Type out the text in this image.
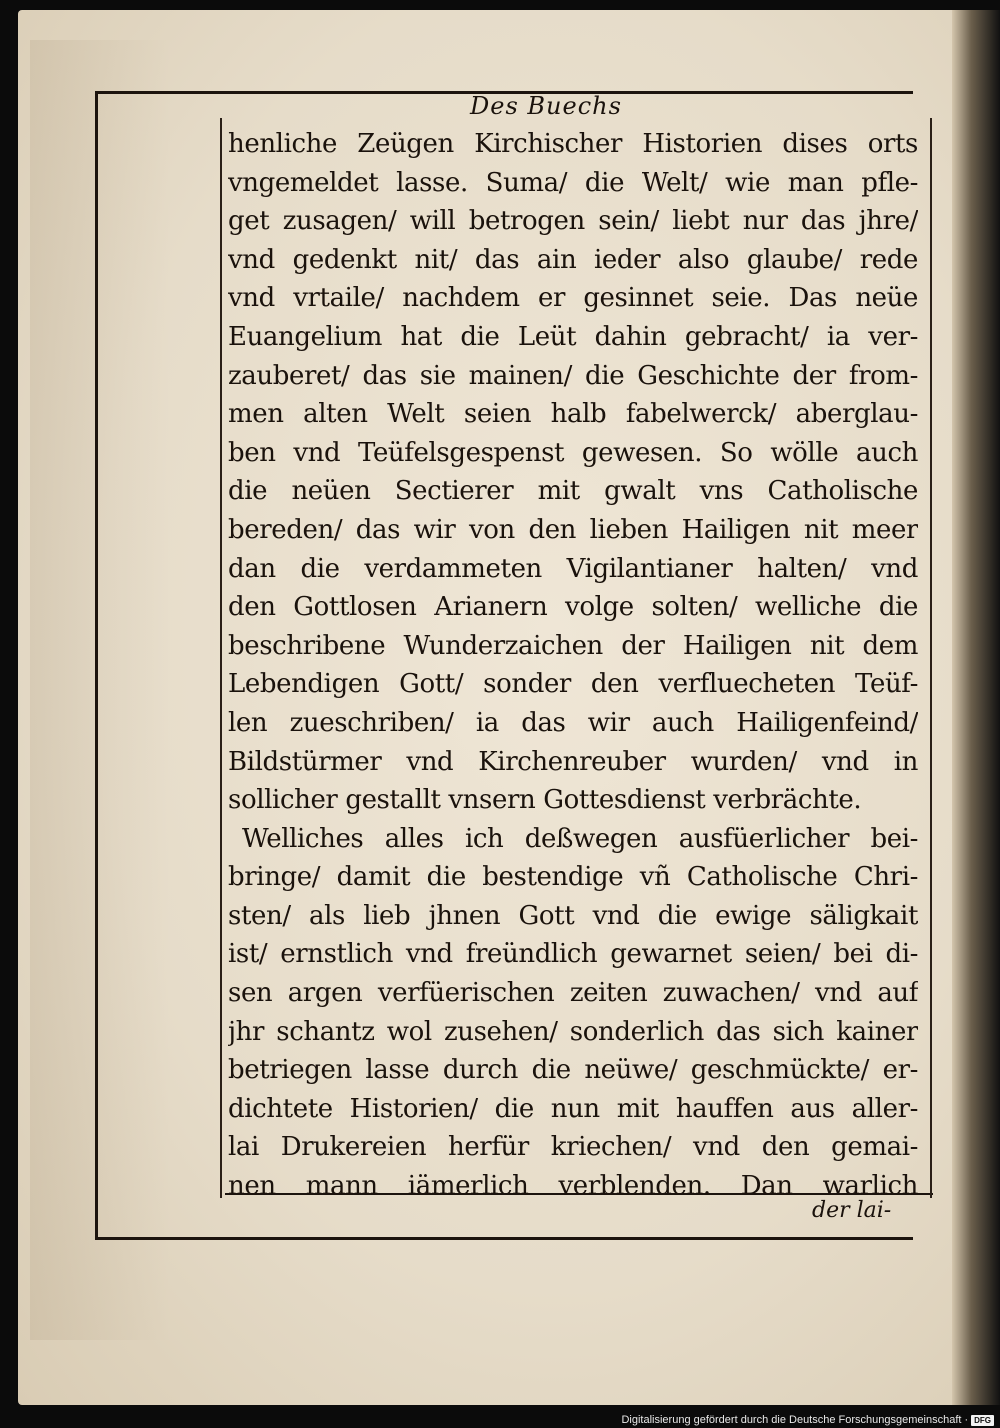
Des Buechs
henliche Zeügen Kirchischer Historien dises orts
vngemeldet lasse. Suma/ die Welt/ wie man pfle-
get zusagen/ will betrogen sein/ liebt nur das jhre/
vnd gedenkt nit/ das ain ieder also glaube/ rede
vnd vrtaile/ nachdem er gesinnet seie. Das neüe
Euangelium hat die Leüt dahin gebracht/ ia ver-
zauberet/ das sie mainen/ die Geschichte der from-
men alten Welt seien halb fabelwerck/ aberglau-
ben vnd Teüfelsgespenst gewesen. So wölle auch
die neüen Sectierer mit gwalt vns Catholische
bereden/ das wir von den lieben Hailigen nit meer
dan die verdammeten Vigilantianer halten/ vnd
den Gottlosen Arianern volge solten/ welliche die
beschribene Wunderzaichen der Hailigen nit dem
Lebendigen Gott/ sonder den verfluecheten Teüf-
len zueschriben/ ia das wir auch Hailigenfeind/
Bildstürmer vnd Kirchenreuber wurden/ vnd in
sollicher gestallt vnsern Gottesdienst verbrächte.
Welliches alles ich deßwegen ausfüerlicher bei-
bringe/ damit die bestendige vñ Catholische Chri-
sten/ als lieb jhnen Gott vnd die ewige säligkait
ist/ ernstlich vnd freündlich gewarnet seien/ bei di-
sen argen verfüerischen zeiten zuwachen/ vnd auf
jhr schantz wol zusehen/ sonderlich das sich kainer
betriegen lasse durch die neüwe/ geschmückte/ er-
dichtete Historien/ die nun mit hauffen aus aller-
lai Drukereien herfür kriechen/ vnd den gemai-
nen mann iämerlich verblenden. Dan warlich
der lai-
Digitalisierung gefördert durch die Deutsche Forschungsgemeinschaft · DFG
